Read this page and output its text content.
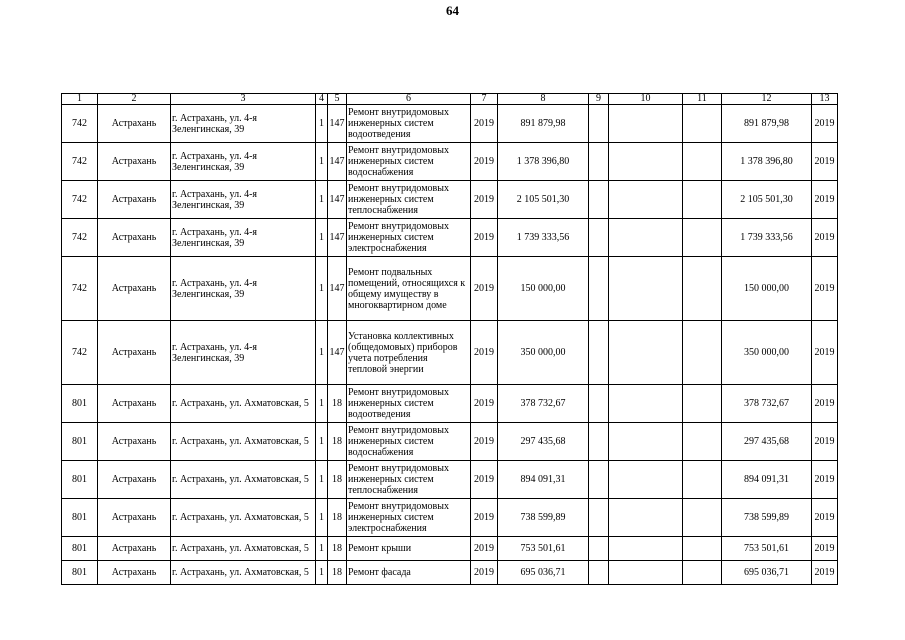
64
1	2	3	4	5	6	7	8	9	10	11	12	13
742	Астрахань	г. Астрахань, ул. 4-я Зеленгинская, 39	1	147	Ремонт внутридомовых инженерных систем водоотведения	2019	891 879,98				891 879,98	2019
742	Астрахань	г. Астрахань, ул. 4-я Зеленгинская, 39	1	147	Ремонт внутридомовых инженерных систем водоснабжения	2019	1 378 396,80				1 378 396,80	2019
742	Астрахань	г. Астрахань, ул. 4-я Зеленгинская, 39	1	147	Ремонт внутридомовых инженерных систем теплоснабжения	2019	2 105 501,30				2 105 501,30	2019
742	Астрахань	г. Астрахань, ул. 4-я Зеленгинская, 39	1	147	Ремонт внутридомовых инженерных систем электроснабжения	2019	1 739 333,56				1 739 333,56	2019
742	Астрахань	г. Астрахань, ул. 4-я Зеленгинская, 39	1	147	Ремонт подвальных помещений, относящихся к общему имуществу в многоквартирном доме	2019	150 000,00				150 000,00	2019
742	Астрахань	г. Астрахань, ул. 4-я Зеленгинская, 39	1	147	Установка коллективных (общедомовых) приборов учета потребления тепловой энергии	2019	350 000,00				350 000,00	2019
801	Астрахань	г. Астрахань, ул. Ахматовская, 5	1	18	Ремонт внутридомовых инженерных систем водоотведения	2019	378 732,67				378 732,67	2019
801	Астрахань	г. Астрахань, ул. Ахматовская, 5	1	18	Ремонт внутридомовых инженерных систем водоснабжения	2019	297 435,68				297 435,68	2019
801	Астрахань	г. Астрахань, ул. Ахматовская, 5	1	18	Ремонт внутридомовых инженерных систем теплоснабжения	2019	894 091,31				894 091,31	2019
801	Астрахань	г. Астрахань, ул. Ахматовская, 5	1	18	Ремонт внутридомовых инженерных систем электроснабжения	2019	738 599,89				738 599,89	2019
801	Астрахань	г. Астрахань, ул. Ахматовская, 5	1	18	Ремонт крыши	2019	753 501,61				753 501,61	2019
801	Астрахань	г. Астрахань, ул. Ахматовская, 5	1	18	Ремонт фасада	2019	695 036,71				695 036,71	2019
